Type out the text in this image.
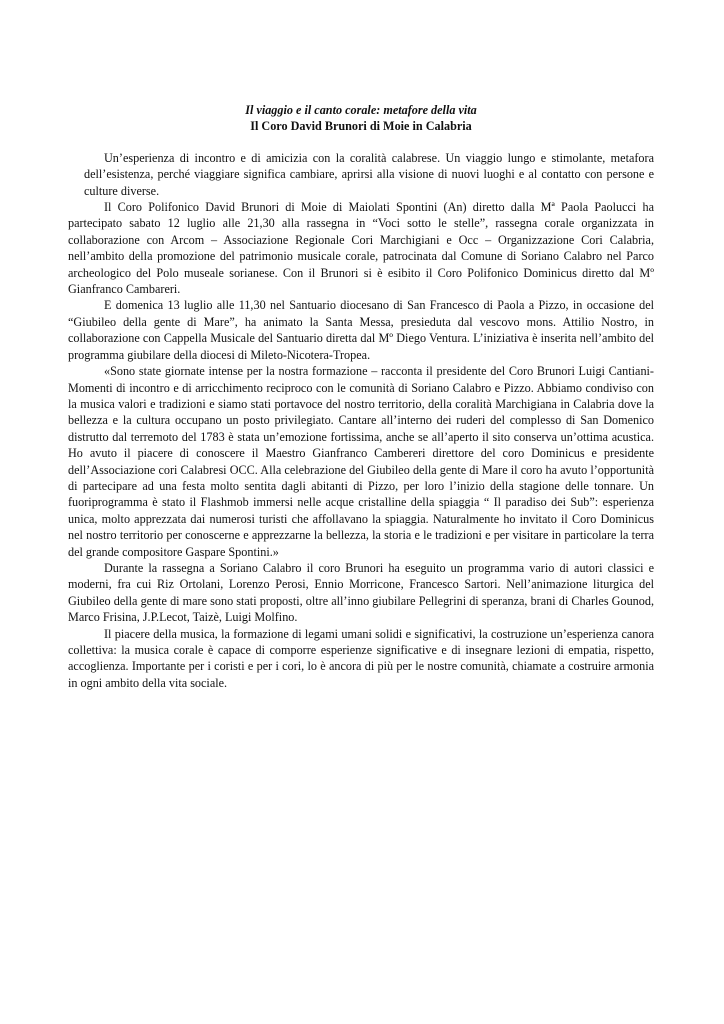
Il viaggio e il canto corale: metafore della vita
Il Coro David Brunori di Moie in Calabria

Un’esperienza di incontro e di amicizia con la coralità calabrese. Un viaggio lungo e stimolante, metafora dell’esistenza, perché viaggiare significa cambiare, aprirsi alla visione di nuovi luoghi e al contatto con persone e culture diverse.

Il Coro Polifonico David Brunori di Moie di Maiolati Spontini (An) diretto dalla Mª Paola Paolucci ha partecipato sabato 12 luglio alle 21,30 alla rassegna in “Voci sotto le stelle”, rassegna corale organizzata in collaborazione con Arcom – Associazione Regionale Cori Marchigiani e Occ – Organizzazione Cori Calabria, nell’ambito della promozione del patrimonio musicale corale, patrocinata dal Comune di Soriano Calabro nel Parco archeologico del Polo museale sorianese. Con il Brunori si è esibito il Coro Polifonico Dominicus diretto dal Mº Gianfranco Cambareri.

E domenica 13 luglio alle 11,30 nel Santuario diocesano di San Francesco di Paola a Pizzo, in occasione del “Giubileo della gente di Mare”, ha animato la Santa Messa, presieduta dal vescovo mons. Attilio Nostro, in collaborazione con Cappella Musicale del Santuario diretta dal Mº Diego Ventura. L’iniziativa è inserita nell’ambito del programma giubilare della diocesi di Mileto-Nicotera-Tropea.

«Sono state giornate intense per la nostra formazione – racconta il presidente del Coro Brunori Luigi Cantiani- Momenti di incontro e di arricchimento reciproco con le comunità di Soriano Calabro e Pizzo. Abbiamo condiviso con la musica valori e tradizioni e siamo stati portavoce del nostro territorio, della coralità Marchigiana in Calabria dove la bellezza e la cultura occupano un posto privilegiato. Cantare all’interno dei ruderi del complesso di San Domenico distrutto dal terremoto del 1783 è stata un’emozione fortissima, anche se all’aperto il sito conserva un’ottima acustica. Ho avuto il piacere di conoscere il Maestro Gianfranco Cambereri direttore del coro Dominicus e presidente dell’Associazione cori Calabresi OCC. Alla celebrazione del Giubileo della gente di Mare il coro ha avuto l’opportunità di partecipare ad una festa molto sentita dagli abitanti di Pizzo, per loro l’inizio della stagione delle tonnare. Un fuoriprogramma è stato il Flashmob immersi nelle acque cristalline della spiaggia “ Il paradiso dei Sub”: esperienza unica, molto apprezzata dai numerosi turisti che affollavano la spiaggia. Naturalmente ho invitato il Coro Dominicus nel nostro territorio per conoscerne e apprezzarne la bellezza, la storia e le tradizioni e per visitare in particolare la terra del grande compositore Gaspare Spontini.»

Durante la rassegna a Soriano Calabro il coro Brunori ha eseguito un programma vario di autori classici e moderni, fra cui Riz Ortolani, Lorenzo Perosi, Ennio Morricone, Francesco Sartori. Nell’animazione liturgica del Giubileo della gente di mare sono stati proposti, oltre all’inno giubilare Pellegrini di speranza, brani di Charles Gounod, Marco Frisina, J.P.Lecot, Taizè, Luigi Molfino.

Il piacere della musica, la formazione di legami umani solidi e significativi, la costruzione un’esperienza canora collettiva: la musica corale è capace di comporre esperienze significative e di insegnare lezioni di empatia, rispetto, accoglienza. Importante per i coristi e per i cori, lo è ancora di più per le nostre comunità, chiamate a costruire armonia in ogni ambito della vita sociale.
